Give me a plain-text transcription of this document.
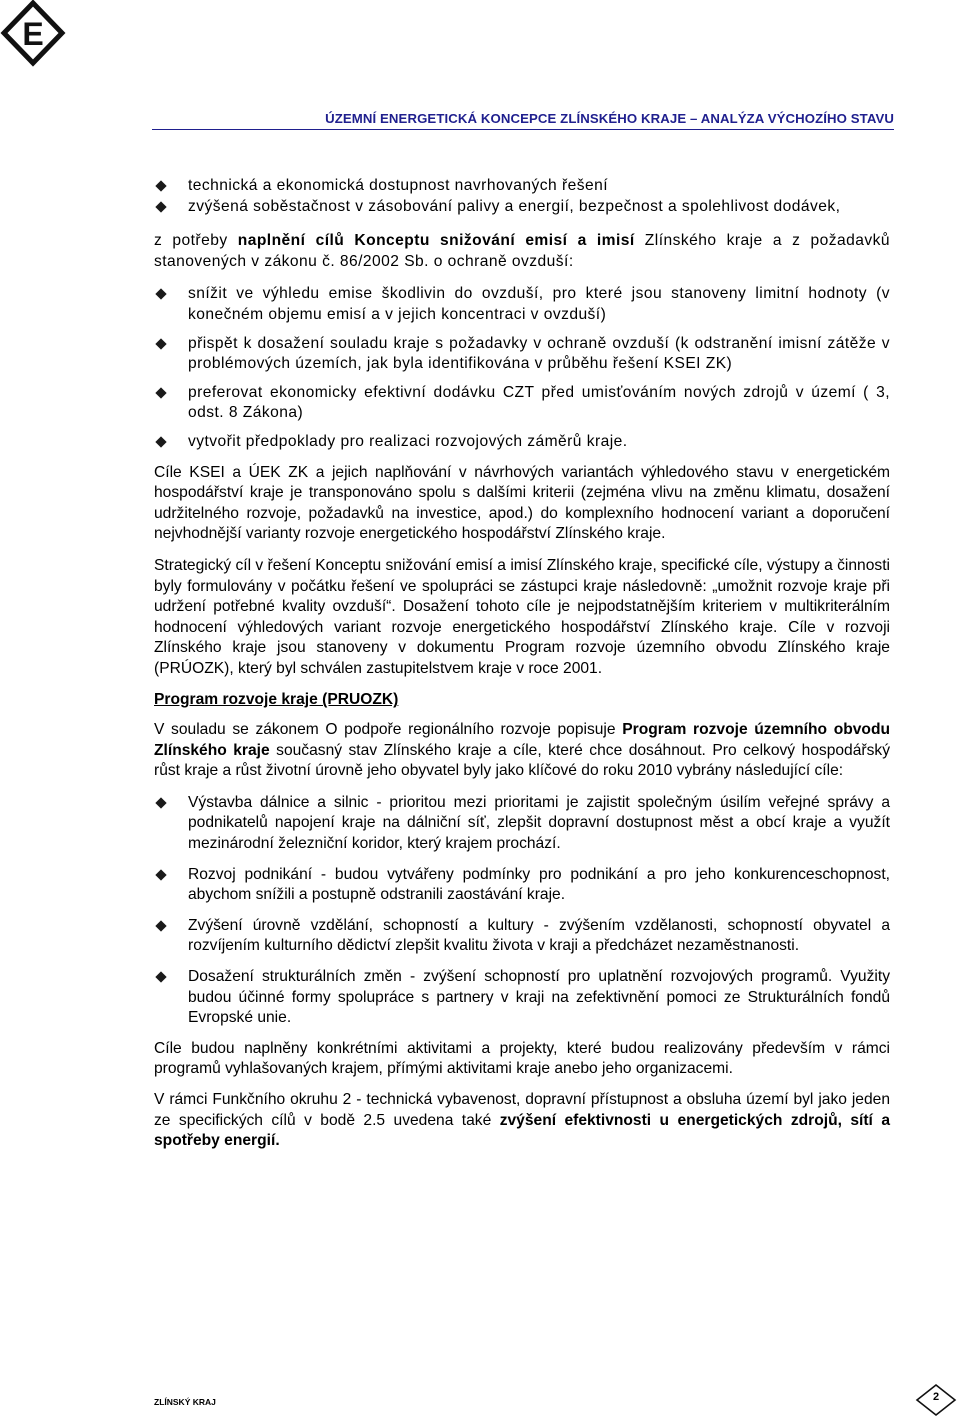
E
ÚZEMNÍ ENERGETICKÁ KONCEPCE ZLÍNSKÉHO KRAJE – ANALÝZA VÝCHOZÍHO STAVU
technická a ekonomická dostupnost navrhovaných řešení
zvýšená soběstačnost v zásobování palivy a energií, bezpečnost a spolehlivost dodávek,

z potřeby naplnění cílů Konceptu snižování emisí a imisí Zlínského kraje a z požadavků stanovených v zákonu č. 86/2002 Sb. o ochraně ovzduší:

snížit ve výhledu emise škodlivin do ovzduší, pro které jsou stanoveny limitní hodnoty (v konečném objemu emisí a v jejich koncentraci v ovzduší)
přispět k dosažení souladu kraje s požadavky v ochraně ovzduší (k odstranění imisní zátěže v problémových územích, jak byla identifikována v průběhu řešení KSEI ZK)
preferovat ekonomicky efektivní dodávku CZT před umisťováním nových zdrojů v území ( 3, odst. 8 Zákona)
vytvořit předpoklady pro realizaci rozvojových záměrů kraje.

Cíle KSEI a ÚEK ZK a jejich naplňování v návrhových variantách výhledového stavu v energetickém hospodářství kraje je transponováno spolu s dalšími kriterii (zejména vlivu na změnu klimatu, dosažení udržitelného rozvoje, požadavků na investice, apod.) do komplexního hodnocení variant a doporučení nejvhodnější varianty rozvoje energetického hospodářství Zlínského kraje.

Strategický cíl v řešení Konceptu snižování emisí a imisí Zlínského kraje, specifické cíle, výstupy a činnosti byly formulovány v počátku řešení ve spolupráci se zástupci kraje následovně: „umožnit rozvoje kraje při udržení potřebné kvality ovzduší“. Dosažení tohoto cíle je nejpodstatnějším kriteriem v multikriterálním hodnocení výhledových variant rozvoje energetického hospodářství Zlínského kraje. Cíle v rozvoji Zlínského kraje jsou stanoveny v dokumentu Program rozvoje územního obvodu Zlínského kraje (PRÚOZK), který byl schválen zastupitelstvem kraje v roce 2001.

Program rozvoje kraje (PRUOZK)

V souladu se zákonem O podpoře regionálního rozvoje popisuje Program rozvoje územního obvodu Zlínského kraje současný stav Zlínského kraje a cíle, které chce dosáhnout. Pro celkový hospodářský růst kraje a růst životní úrovně jeho obyvatel byly jako klíčové do roku 2010 vybrány následující cíle:

Výstavba dálnice a silnic - prioritou mezi prioritami je zajistit společným úsilím veřejné správy a podnikatelů napojení kraje na dálniční síť, zlepšit dopravní dostupnost měst a obcí kraje a využít mezinárodní železniční koridor, který krajem prochází.
Rozvoj podnikání - budou vytvářeny podmínky pro podnikání a pro jeho konkurenceschopnost, abychom snížili a postupně odstranili zaostávání kraje.
Zvýšení úrovně vzdělání, schopností a kultury - zvýšením vzdělanosti, schopností obyvatel a rozvíjením kulturního dědictví zlepšit kvalitu života v kraji a předcházet nezaměstnanosti.
Dosažení strukturálních změn - zvýšení schopností pro uplatnění rozvojových programů. Využity budou účinné formy spolupráce s partnery v kraji na zefektivnění pomoci ze Strukturálních fondů Evropské unie.

Cíle budou naplněny konkrétními aktivitami a projekty, které budou realizovány především v rámci programů vyhlašovaných krajem, přímými aktivitami kraje anebo jeho organizacemi.

V rámci Funkčního okruhu 2 - technická vybavenost, dopravní přístupnost a obsluha území byl jako jeden ze specifických cílů v bodě 2.5 uvedena také zvýšení efektivnosti u energetických zdrojů, sítí a spotřeby energií.

ZLÍNSKÝ KRAJ	2
